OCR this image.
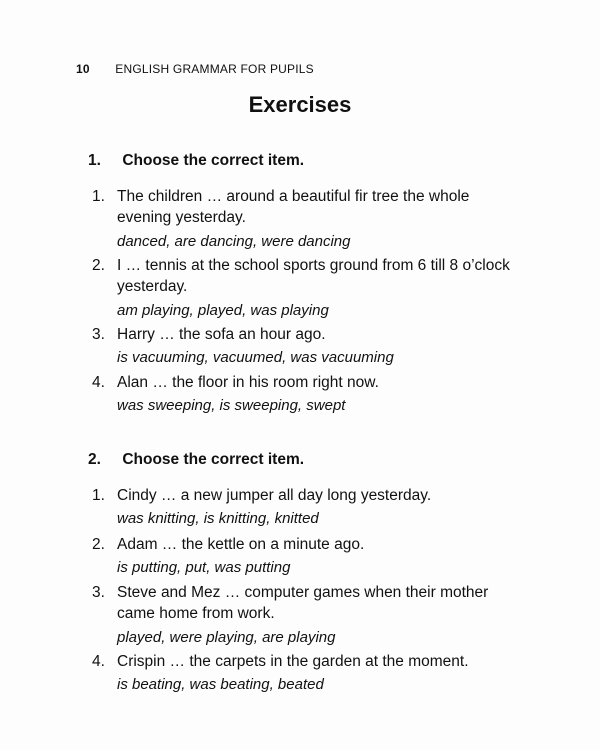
10 ENGLISH GRAMMAR FOR PUPILS
Exercises
1. Choose the correct item.
1. The children … around a beautiful fir tree the whole evening yesterday.
danced, are dancing, were dancing
2. I … tennis at the school sports ground from 6 till 8 o’clock yesterday.
am playing, played, was playing
3. Harry … the sofa an hour ago.
is vacuuming, vacuumed, was vacuuming
4. Alan … the floor in his room right now.
was sweeping, is sweeping, swept
2. Choose the correct item.
1. Cindy … a new jumper all day long yesterday.
was knitting, is knitting, knitted
2. Adam … the kettle on a minute ago.
is putting, put, was putting
3. Steve and Mez … computer games when their mother came home from work.
played, were playing, are playing
4. Crispin … the carpets in the garden at the moment.
is beating, was beating, beated
